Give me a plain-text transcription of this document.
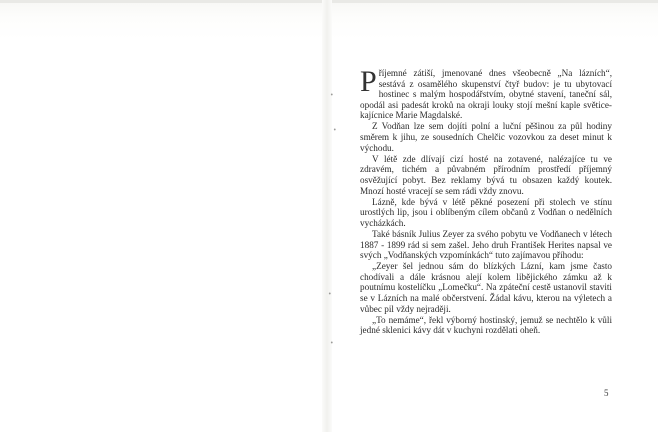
•
•
•
•

Příjemné zátiší, jmenované dnes všeobecně „Na lázních“, sestává z osamělého skupenství čtyř budov: je tu ubytovací hostinec s malým hospodářstvím, obytné stavení, taneční sál, opodál asi padesát kroků na okraji louky stojí mešní kaple světice-kajícnice Marie Magdalské.

Z Vodňan lze sem dojíti polní a luční pěšinou za půl hodiny směrem k jihu, ze sousedních Chelčic vozovkou za deset minut k východu.

V létě zde dlívají cizí hosté na zotavené, nalézajíce tu ve zdravém, tichém a půvabném přírodním prostředí příjemný osvěžující pobyt. Bez reklamy bývá tu obsazen každý koutek. Mnozí hosté vracejí se sem rádi vždy znovu.

Lázně, kde bývá v létě pěkné posezení při stolech ve stínu urostlých lip, jsou i oblíbeným cílem občanů z Vodňan o nedělních vycházkách.

Také básník Julius Zeyer za svého pobytu ve Vodňanech v létech 1887 - 1899 rád si sem zašel. Jeho druh František Herites napsal ve svých „Vodňanských vzpomínkách“ tuto zajímavou příhodu:

„Zeyer šel jednou sám do blízkých Lázní, kam jsme často chodívali a dále krásnou alejí kolem libějického zámku až k poutnímu kostelíčku „Lomečku“. Na zpáteční cestě ustanovil staviti se v Lázních na malé občerstvení. Žádal kávu, kterou na výletech a vůbec pil vždy nejraději.

„To nemáme“, řekl výborný hostinský, jemuž se nechtělo k vůli jedné sklenici kávy dát v kuchyni rozdělati oheň.

5
